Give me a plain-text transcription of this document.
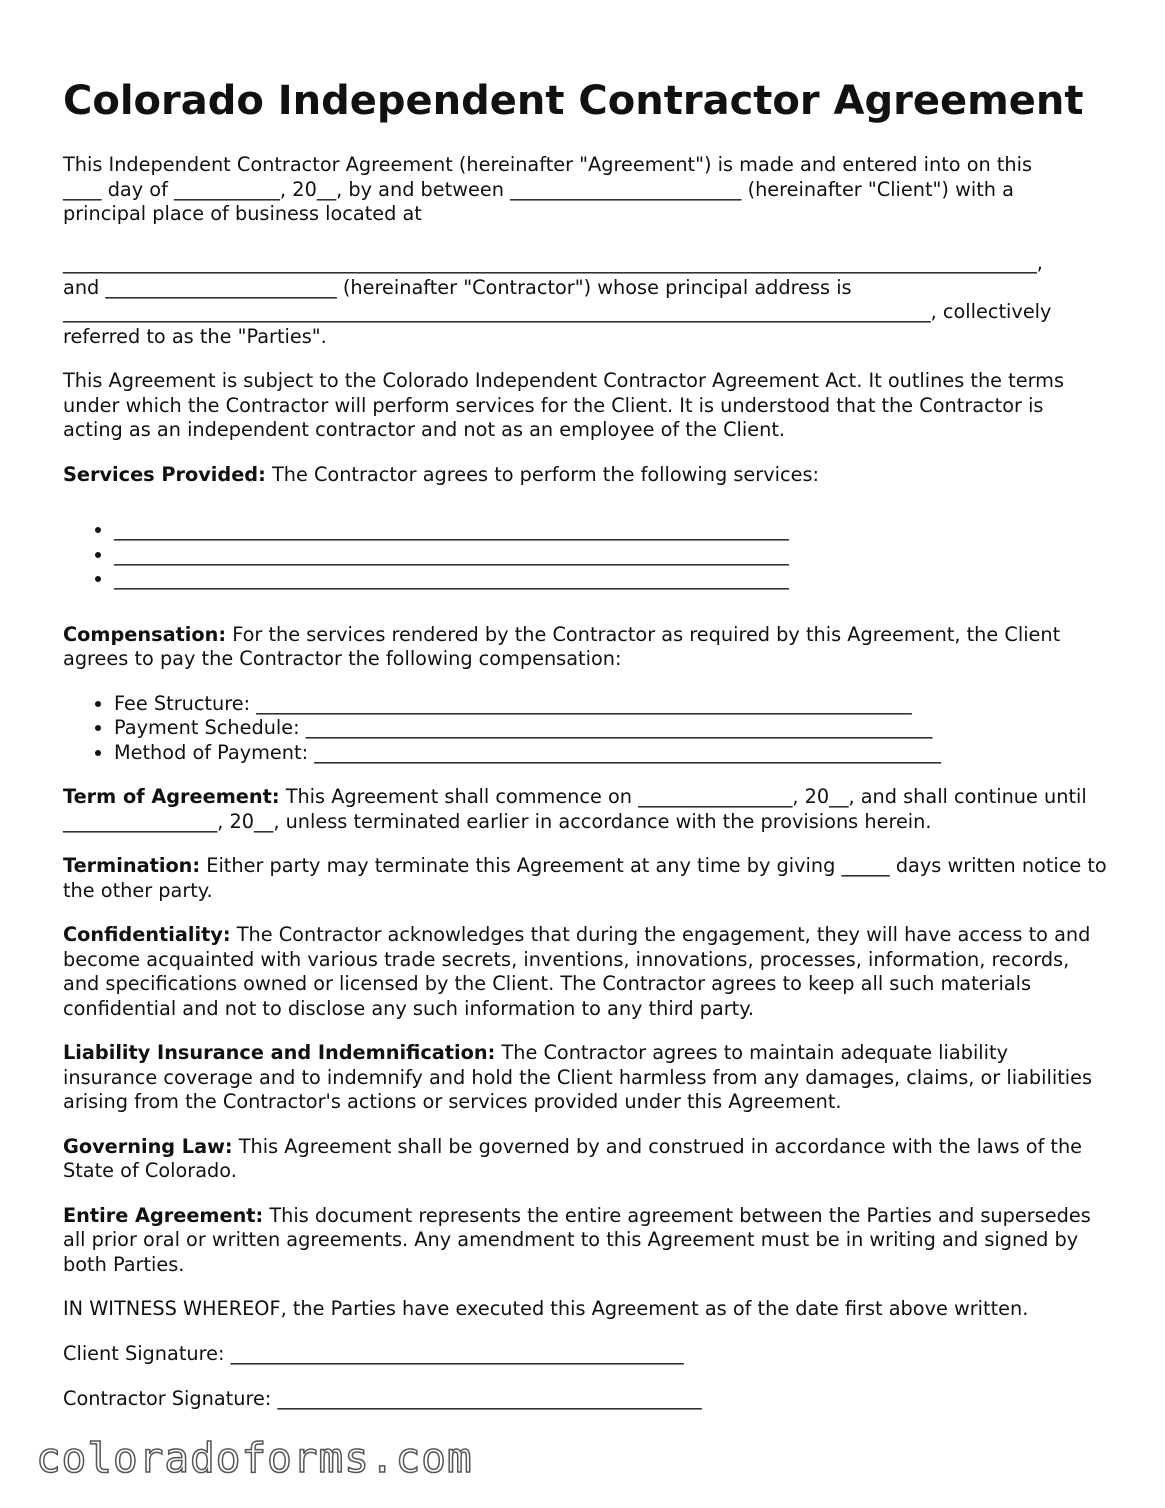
Colorado Independent Contractor Agreement

This Independent Contractor Agreement (hereinafter "Agreement") is made and entered into on this
____ day of ___________, 20__, by and between ________________________ (hereinafter "Client") with a
principal place of business located at

_____________________________________________________________________________________________________,
and ________________________ (hereinafter "Contractor") whose principal address is
__________________________________________________________________________________________, collectively
referred to as the "Parties".

This Agreement is subject to the Colorado Independent Contractor Agreement Act. It outlines the terms under which the Contractor will perform services for the Client. It is understood that the Contractor is acting as an independent contractor and not as an employee of the Client.

Services Provided: The Contractor agrees to perform the following services:

• ______________________________________________________________________
• ______________________________________________________________________
• ______________________________________________________________________

Compensation: For the services rendered by the Contractor as required by this Agreement, the Client agrees to pay the Contractor the following compensation:

• Fee Structure: ____________________________________________________________________
• Payment Schedule: _________________________________________________________________
• Method of Payment: _________________________________________________________________

Term of Agreement: This Agreement shall commence on ________________, 20__, and shall continue until ________________, 20__, unless terminated earlier in accordance with the provisions herein.

Termination: Either party may terminate this Agreement at any time by giving _____ days written notice to the other party.

Confidentiality: The Contractor acknowledges that during the engagement, they will have access to and become acquainted with various trade secrets, inventions, innovations, processes, information, records, and specifications owned or licensed by the Client. The Contractor agrees to keep all such materials confidential and not to disclose any such information to any third party.

Liability Insurance and Indemnification: The Contractor agrees to maintain adequate liability insurance coverage and to indemnify and hold the Client harmless from any damages, claims, or liabilities arising from the Contractor's actions or services provided under this Agreement.

Governing Law: This Agreement shall be governed by and construed in accordance with the laws of the State of Colorado.

Entire Agreement: This document represents the entire agreement between the Parties and supersedes all prior oral or written agreements. Any amendment to this Agreement must be in writing and signed by both Parties.

IN WITNESS WHEREOF, the Parties have executed this Agreement as of the date first above written.

Client Signature: _______________________________________________

Contractor Signature: ____________________________________________

coloradoforms.com
